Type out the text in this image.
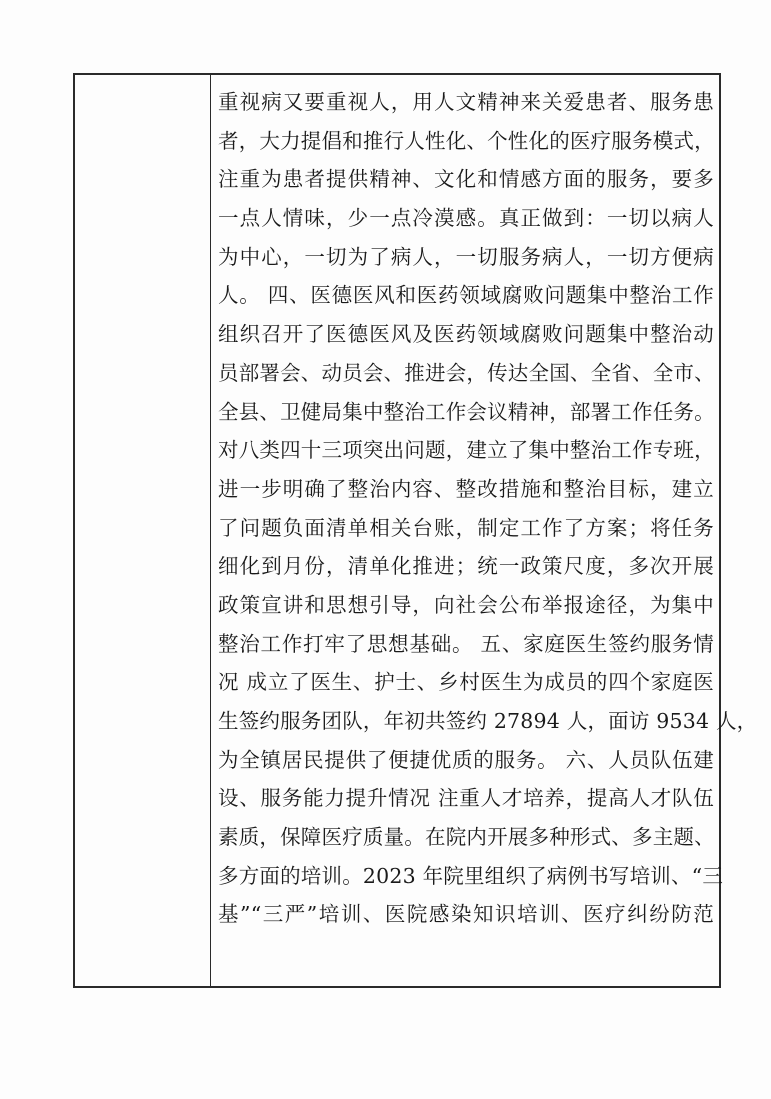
重视病又要重视人，用人文精神来关爱患者、服务患
者，大力提倡和推行人性化、个性化的医疗服务模式，
注重为患者提供精神、文化和情感方面的服务，要多
一点人情味，少一点冷漠感。真正做到：一切以病人
为中心，一切为了病人，一切服务病人，一切方便病
人。 四、医德医风和医药领域腐败问题集中整治工作
组织召开了医德医风及医药领域腐败问题集中整治动
员部署会、动员会、推进会，传达全国、全省、全市、
全县、卫健局集中整治工作会议精神，部署工作任务。
对八类四十三项突出问题，建立了集中整治工作专班，
进一步明确了整治内容、整改措施和整治目标，建立
了问题负面清单相关台账，制定工作了方案；将任务
细化到月份，清单化推进；统一政策尺度，多次开展
政策宣讲和思想引导，向社会公布举报途径，为集中
整治工作打牢了思想基础。 五、家庭医生签约服务情
况 成立了医生、护士、乡村医生为成员的四个家庭医
生签约服务团队，年初共签约 27894 人，面访 9534 人，
为全镇居民提供了便捷优质的服务。 六、人员队伍建
设、服务能力提升情况 注重人才培养，提高人才队伍
素质，保障医疗质量。在院内开展多种形式、多主题、
多方面的培训。2023 年院里组织了病例书写培训、“三
基”“三严”培训、医院感染知识培训、医疗纠纷防范
